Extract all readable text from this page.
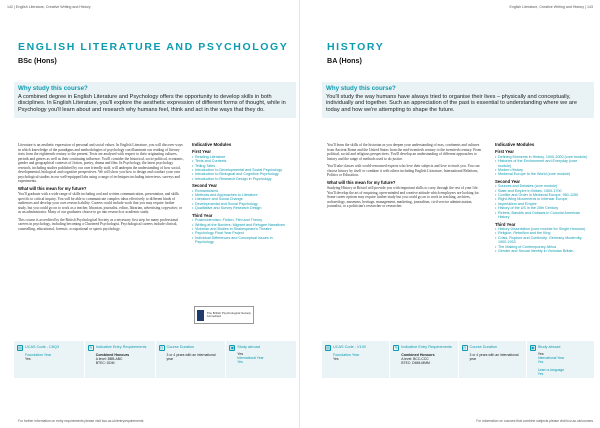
142 | English Literature, Creative Writing and History
ENGLISH LITERATURE AND PSYCHOLOGY
BSc (Hons)
Why study this course?
A combined degree in English Literature and Psychology offers the opportunity to develop skills in both disciplines. In English Literature, you'll explore the aesthetic expression of different forms of thought, while in Psychology you'll learn about and research why humans feel, think and act in the ways that they do.

Literature is an aesthetic expression of personal and social values. In English Literature, you will discover ways in which knowledge of the paradigms and methodologies of psychology can illuminate our reading of literary texts from the eighteenth century to the present. Texts are analysed with respect to their originating cultures, periods and genres as well as their continuing influence. You'll consider the historical, socio-political, economic, gender and geographical contexts of fiction, poetry, drama and film. In Psychology, the latest psychology research, including studies published by our own friendly staff, will underpin the understanding of how social, developmental, biological and cognitive perspectives. We will show you how to design and conduct your own psychological studies in our well-equipped labs using a range of techniques including interviews, surveys and experiments.

What will this mean for my future?

You'll graduate with a wide range of skills including oral and written communication, presentation, and skills specific to critical inquiry. You will be able to communicate complex ideas effectively to different kinds of audiences and develop your own research ability. Careers could include work that you may require further study, but you could go on to work as a teacher, librarian, journalist, editor, librarian, advertising copywriter, or as an administrator. Many of our graduates choose to go into research or academic study.

This course is accredited by the British Psychological Society as a necessary first step for many professional careers in psychology, including becoming a Chartered Psychologist. Psychological careers include clinical, counselling, educational, forensic, occupational or sports psychology.

Indicative Modules
First Year
• Reading Literature
• Texts and Contexts
• Telling Tales
• Introduction to Developmental and Social Psychology
• Introduction to Biological and Cognitive Psychology
• Introduction to Research Design in Psychology
Second Year
• Romanticisms
• Methods and Approaches to Literature
• Literature and Social Change
• Developmental and Social Psychology
• Qualitative and Survey Research Design
Third Year
• Postmodernism: Fiction, Film and Theory
• Writing at the Borders: Migrant and Refugee Narratives
• Victorian and Bodies in Shakespeare's Theatre
• Psychology Final Year Project
• Individual Differences and Conceptual Issues in Psychology
The British Psychological Society Accredited
▤ UCAS Code - C8Q3
Foundation Year
Yes
✎ Indicative Entry Requirements
Combined Honours
A level: BBB-ABC
BTEC: DDM
◷ Course Duration
3 or 4 years with an international year
▣ Study abroad
Yes
International Year
Yes
For further information on entry requirements please visit bcu.ac.uk/entryrequirements
English Literature, Creative Writing and History | 143
HISTORY
BA (Hons)
Why study this course?
You'll study the way humans have always tried to organise their lives – physically and conceptually, individually and together. Such an appreciation of the past is essential to understanding where we are today and how we're attempting to shape the future.

You'll learn the skills of the historian as you deepen your understanding of eras, continents and cultures from Ancient Rome and the United States from the mid-twentieth century to the twentieth century. From political, social and religious perspectives. You'll develop an understanding of different approaches to history and the range of methods used to do justice.

You'll take classes with world-renowned experts who love their subjects and love to teach you. You can choose history by itself or combine it with others including English Literature, International Relations, Politics or Education.

What will this mean for my future?

Studying History at Bristol will provide you with important skills to carry through the rest of your life. You'll develop the art of enquiring, open-minded and creative attitude which employers are looking for. Some career options may require further study but you could go on to work in teaching, archives, archaeology, museums, heritage, management, marketing, journalism, civil service administration, journalist, or a politician's researcher or researcher.

Indicative Modules
First Year
• Defining Moments in History, 1000-2000 (core module)
• Histories of the Environment and Everyday (core module)
• Modern History
• Medieval Europe to the World (core module)
Second Year
• Sources and Debates (core module)
• State and Empire in Britain, 1500-1700
• Conflict and Order in Medieval Europe, 950-1250
• Right-Wing Movements in Interwar Europe
• Imperialism and Empire
• History of the US in the 20th Century
• Rebels, Bandits and Outlaws in Colonial American History
Third Year
• History Dissertation (core module for Single Honours)
• Religion, Rebellion and the King
• Crisis, Rupture and Continuity: Germany Modernity, 1900-1933
• The Making of Contemporary Africa
• Gender and Sexual Identity in Victorian Britain
▤ UCAS Code - V100
Foundation Year
Yes
✎ Indicative Entry Requirements
Combined Honours
A level: BCC-CCC
BTEC: DMM-MMM
◷ Course Duration
3 or 4 years with an international year
▣ Study abroad
Yes
International Year
Yes

Learn a language
Yes
For information on courses that combine subjects please visit bcu.ac.uk/courses
